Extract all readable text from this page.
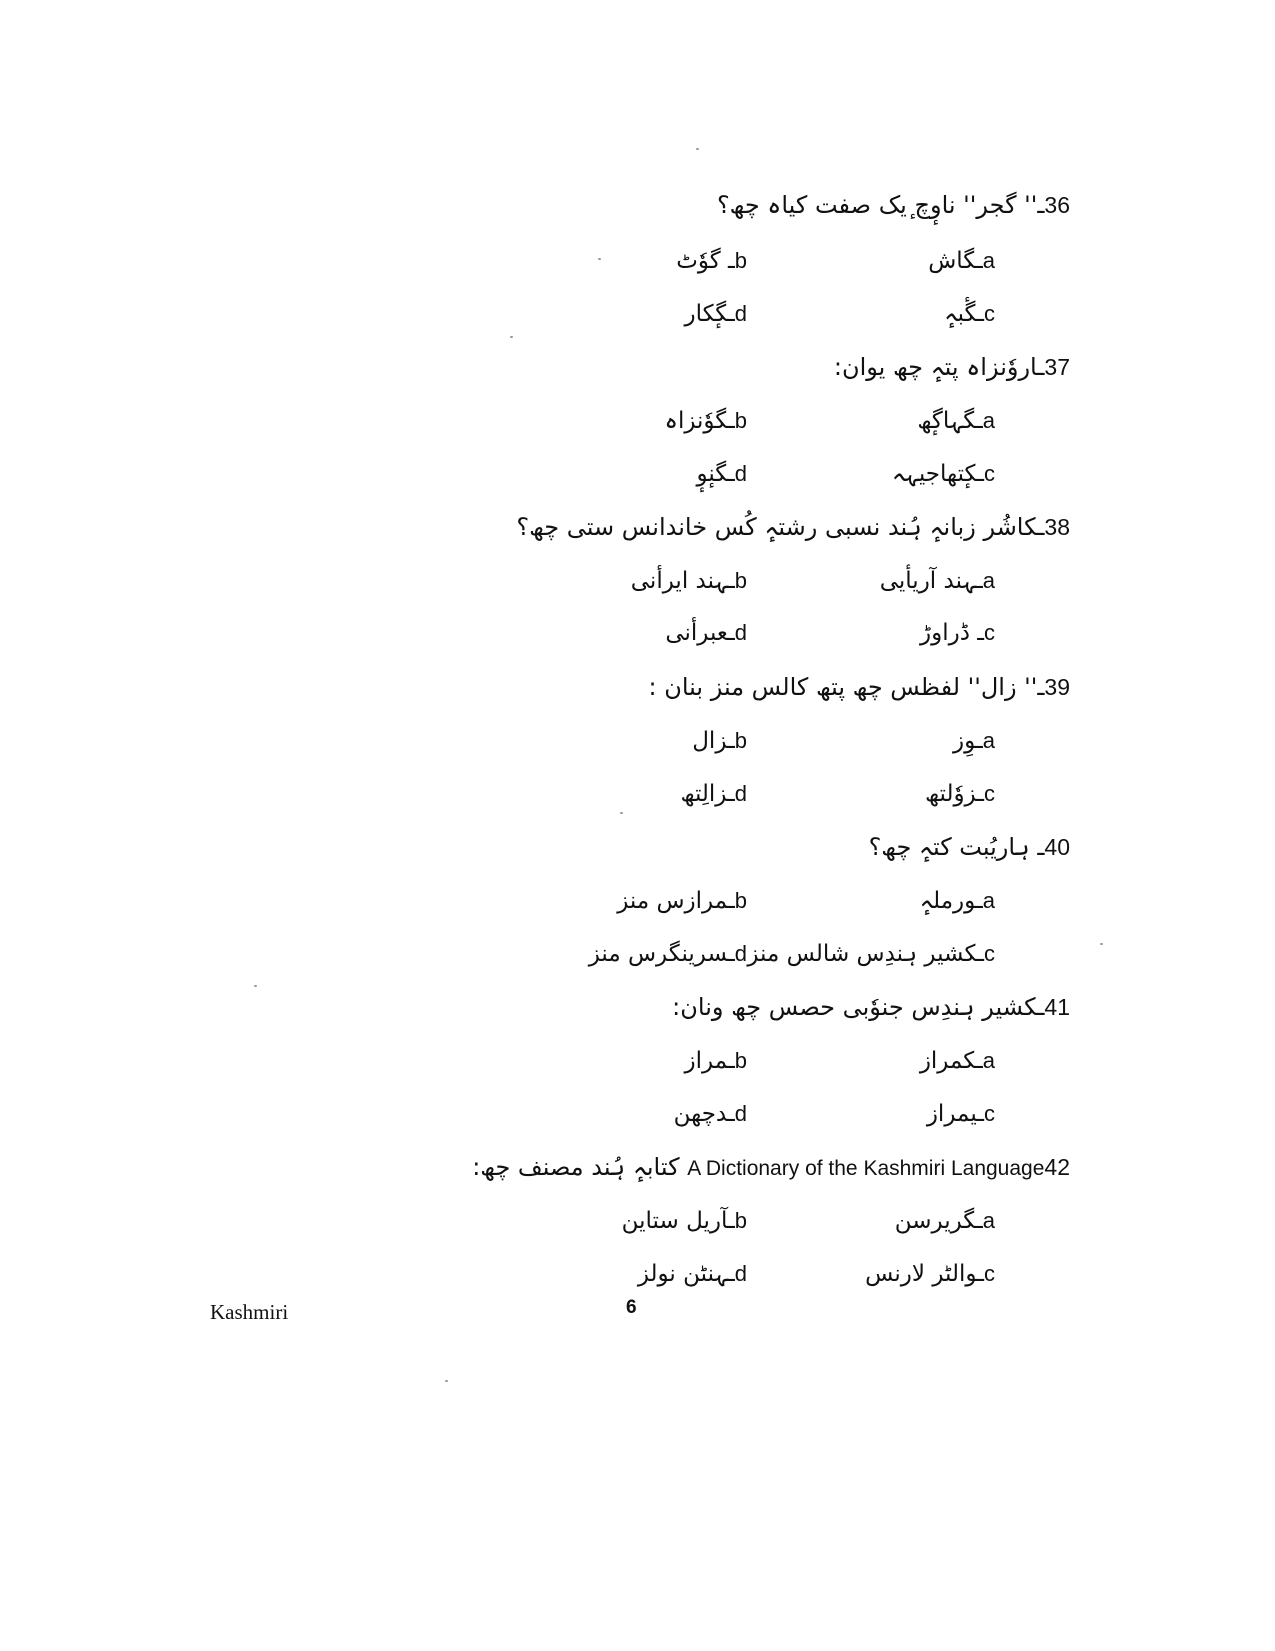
36ـ'' گجر'' ناوٕچ ٕیک صفت کیاہ چھ؟
aـگاش
bـ گوٗٹ
cـگٔبہٕ
dـگٕکار
37ـاروٗنزاہ پتہٕ چھ یوان:
aـگہاگٕھ
bـگوٗنزاہ
cـکٕتھاجیہہ
dـگنٕوٕ
38ـکاشُر زبانہٕ ہُند نسبی رشتہٕ کُس خاندانس ستی چھ؟
aـہند آریأیی
bـہند ایرأنی
cـ ڈراوڑ
dـعبرأنی
39ـ'' زال'' لفظس چھ پتھ کالس منز بنان :
aـوِز
bـزال
cـزوٗلتھ
dـزالِتھ
40ـ ہاریُبت کتہٕ چھ؟
aـورملہٕ
bـمرازس منز
cـکشیر ہندِس شالس منز
dـسرینگرس منز
41ـکشیر ہندِس جنوٗبی حصس چھ ونان:
aـکمراز
bـمراز
cـیمراز
dـدچھن
42A Dictionary of the Kashmiri Language کتابہٕ ہُند مصنف چھ:
aـگریرسن
bـآریل ستاین
cـوالٹر لارنس
dـہنٹن نولز
Kashmiri	6
